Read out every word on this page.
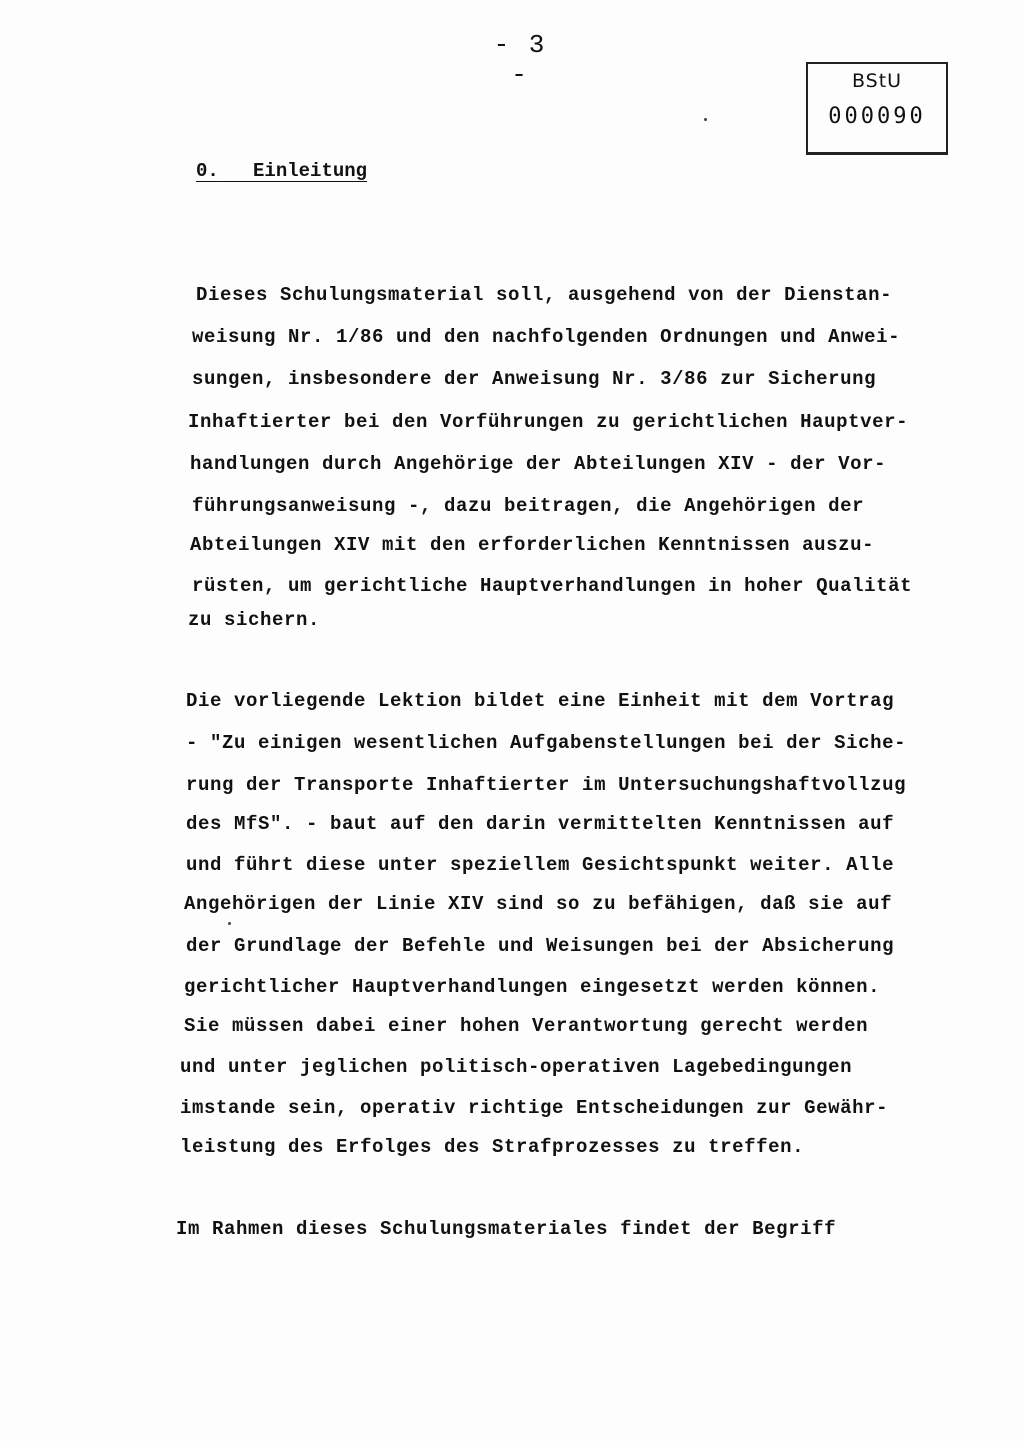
- 3 -	BStU
000090
0. Einleitung
Dieses Schulungsmaterial soll, ausgehend von der Dienstan-
weisung Nr. 1/86 und den nachfolgenden Ordnungen und Anwei-
sungen, insbesondere der Anweisung Nr. 3/86 zur Sicherung
Inhaftierter bei den Vorführungen zu gerichtlichen Hauptver-
handlungen durch Angehörige der Abteilungen XIV - der Vor-
führungsanweisung -, dazu beitragen, die Angehörigen der
Abteilungen XIV mit den erforderlichen Kenntnissen auszu-
rüsten, um gerichtliche Hauptverhandlungen in hoher Qualität
zu sichern.
Die vorliegende Lektion bildet eine Einheit mit dem Vortrag
- "Zu einigen wesentlichen Aufgabenstellungen bei der Siche-
rung der Transporte Inhaftierter im Untersuchungshaftvollzug
des MfS". - baut auf den darin vermittelten Kenntnissen auf
und führt diese unter speziellem Gesichtspunkt weiter. Alle
Angehörigen der Linie XIV sind so zu befähigen, daß sie auf
der Grundlage der Befehle und Weisungen bei der Absicherung
gerichtlicher Hauptverhandlungen eingesetzt werden können.
Sie müssen dabei einer hohen Verantwortung gerecht werden
und unter jeglichen politisch-operativen Lagebedingungen
imstande sein, operativ richtige Entscheidungen zur Gewähr-
leistung des Erfolges des Strafprozesses zu treffen.
Im Rahmen dieses Schulungsmateriales findet der Begriff
